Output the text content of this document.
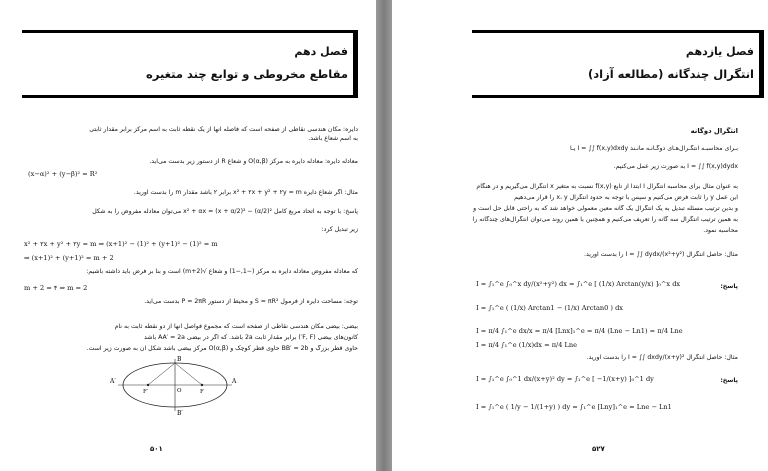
فصل دهم
مقاطع مخروطی و توابع چند متغیره
دایره: مکان هندسی نقاطی از صفحه است که فاصله آنها از یک نقطه ثابت به اسم مرکز برابر مقدار ثابتی
به اسم شعاع باشد.
معادله دایره: معادله دایره به مرکز O(α,β) و شعاع R از دستور زیر بدست می‌آید.
(x−α)² + (y−β)² = R²
مثال: اگر شعاع دایره x² + ۲x + y² + ۲y = m برابر ۲ باشد مقدار m را بدست آورید.
پاسخ: با توجه به اتحاد مربع کامل x² + αx = (x + α/2)² − (α/2)² می‌توان معادله مفروض را به شکل
زیر تبدیل کرد:
x² + ۲x + y² + ۲y = m ⇒ (x+1)² − (1)² + (y+1)² − (1)² = m
⇒ (x+1)² + (y+1)² = m + 2
که معادله مفروض معادله دایره به مرکز (−1,−1) و شعاع √(m+2) است و بنا بر فرض باید داشته باشیم:
m + 2 = ۴ ⇒ m = 2
توجه: مساحت دایره از فرمول S = πR² و محیط از دستور P = 2πR بدست می‌آید.
بیضی: بیضی مکان هندسی نقاطی از صفحه است که مجموع فواصل آنها از دو نقطه ثابت به نام
کانون‌های بیضی (F, F′) برابر مقدار ثابت 2a باشد. که اگر در بیضی AA′ = 2a باشد
حاوی قطر بزرگ و BB′ = 2b حاوی قطر کوچک و O(α,β) مرکز بیضی باشد شکل آن به صورت زیر است.
A′	A
B
B′
F′	F
O
۵۰۱
فصل یازدهم
انتگرال چندگانه (مطالعه آزاد)
انتگرال دوگانه
بـرای محاسبـه انتگـرال‌هـای دوگـانـه مانـند I = ∫∫ f(x,y)dxdy یـا
I = ∫∫ f(x,y)dydx به صورت زیر عمل می‌کنیم.
به عنوان مثال برای محاسبه انتگرال I ابتدا از تابع f(x,y) نسبت به متغیر x انتگرال می‌گیریم و در هنگام
این عمل y را ثابت فرض می‌کنیم و سپس با توجه به حدود انتگرال x، y را قرار می‌دهیم
و بدین ترتیب مسئله تبدیل به یک انتگرال یک گانه معین معمولی خواهد شد که به راحتی قابل حل است و
به همین ترتیب انتگرال سه گانه را تعریف می‌کنیم و همچنین با همین روند می‌توان انتگرال‌های چندگانه را
محاسبه نمود.
مثال: حاصل انتگرال I = ∫∫ dydx/(x²+y²) را بدست آورید.
پاسخ:
I = ∫₁^e ∫₀^x dy/(x²+y²) dx = ∫₁^e [ (1/x) Arctan(y/x) ]₀^x dx
I = ∫₁^e ( (1/x) Arctan1 − (1/x) Arctan0 ) dx
I = π/4 ∫₁^e dx/x = π/4 [Lnx]₁^e = π/4 (Lne − Ln1) = π/4 Lne
I = π/4 ∫₁^e (1/x)dx = π/4 Lne
مثال: حاصل انتگرال I = ∫∫ dxdy/(x+y)² را بدست آورید.
پاسخ:
I = ∫₁^e ∫₀^1 dx/(x+y)² dy = ∫₁^e [ −1/(x+y) ]₀^1 dy
I = ∫₁^e ( 1/y − 1/(1+y) ) dy = ∫₁^e [Lny]₁^e = Lne − Ln1
۵۲۷
